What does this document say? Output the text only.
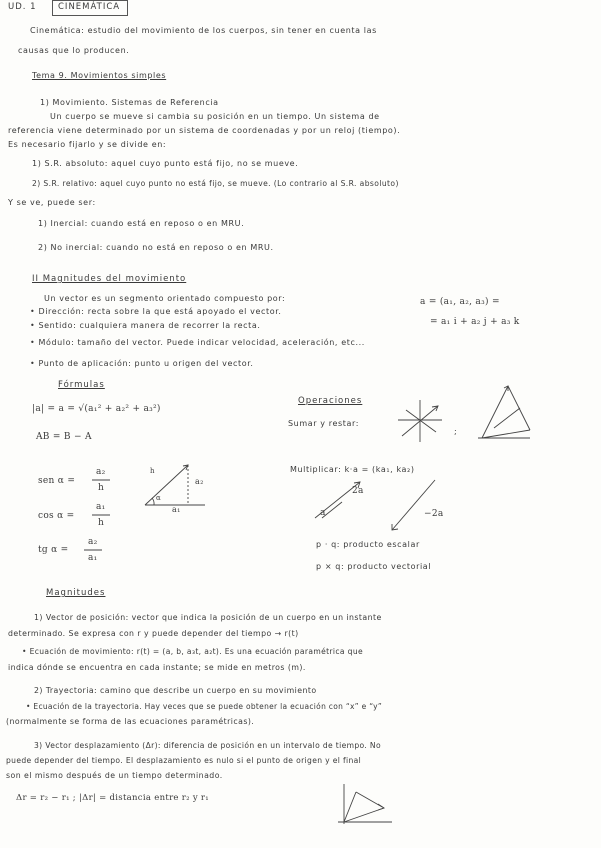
UD. 1	CINEMÁTICA
Cinemática: estudio del movimiento de los cuerpos, sin tener en cuenta las
causas que lo producen.
Tema 9. Movimientos simples
1) Movimiento. Sistemas de Referencia
Un cuerpo se mueve si cambia su posición en un tiempo. Un sistema de
referencia viene determinado por un sistema de coordenadas y por un reloj (tiempo).
Es necesario fijarlo y se divide en:
1) S.R. absoluto: aquel cuyo punto está fijo, no se mueve.
2) S.R. relativo: aquel cuyo punto no está fijo, se mueve. (Lo contrario al S.R. absoluto)
Y se ve, puede ser:
1) Inercial: cuando está en reposo o en MRU.
2) No inercial: cuando no está en reposo o en MRU.
II Magnitudes del movimiento
Un vector es un segmento orientado compuesto por:
• Dirección: recta sobre la que está apoyado el vector.
• Sentido: cualquiera manera de recorrer la recta.
• Módulo: tamaño del vector. Puede indicar velocidad, aceleración, etc...
• Punto de aplicación: punto u origen del vector.
a = (a₁, a₂, a₃) =
= a₁ i + a₂ j + a₃ k
Fórmulas
|a| = a = √(a₁² + a₂² + a₃²)
AB = B − A
sen α =
a₂
h
cos α =
a₁
h
tg α =
a₂
a₁
h
a₂
a₁
α
Operaciones
Sumar y restar:
;
Multiplicar: k·a = (ka₁, ka₂)
2a
a	−2a
p · q: producto escalar
p × q: producto vectorial
Magnitudes
1) Vector de posición: vector que indica la posición de un cuerpo en un instante
determinado. Se expresa con r y puede depender del tiempo → r(t)
• Ecuación de movimiento: r(t) = (a, b, a₃t, a₂t). Es una ecuación paramétrica que
indica dónde se encuentra en cada instante; se mide en metros (m).
2) Trayectoria: camino que describe un cuerpo en su movimiento
• Ecuación de la trayectoria. Hay veces que se puede obtener la ecuación con “x” e “y”
(normalmente se forma de las ecuaciones paramétricas).
3) Vector desplazamiento (Δr): diferencia de posición en un intervalo de tiempo. No
puede depender del tiempo. El desplazamiento es nulo si el punto de origen y el final
son el mismo después de un tiempo determinado.
Δr = r₂ − r₁ ; |Δr| = distancia entre r₂ y r₁
